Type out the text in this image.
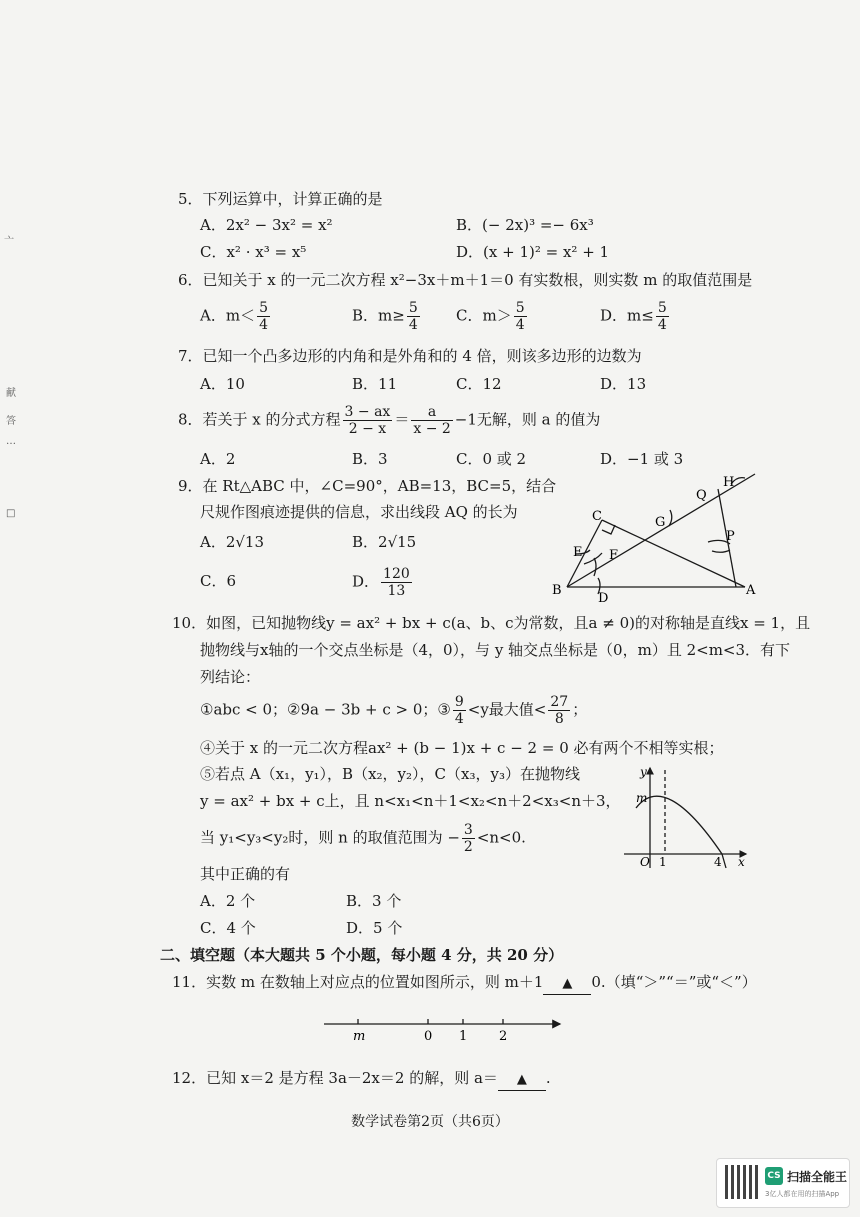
亠
献
答
…
□
5．下列运算中，计算正确的是
A．2x² − 3x² = x²	B．(− 2x)³ =− 6x³
C．x² · x³ = x⁵	D．(x + 1)² = x² + 1
6．已知关于 x 的一元二次方程 x²−3x＋m＋1＝0 有实数根，则实数 m 的取值范围是
A．$m< \frac{5}{4}$	B．$m\ge \frac{5}{4}$ C．$m> \frac{5}{4}$	D．$m\le \frac{5}{4}$
7．已知一个凸多边形的内角和是外角和的 4 倍，则该多边形的边数为
A．10	B．11	C．12	D．13
8．若关于 x 的分式方程 $\frac{3 - ax}{2 - x} = \frac{a}{x - 2} -1$无解，则 a 的值为
A．2	B．3	C．0 或 2	D．−1 或 3
9．在 Rt△ABC 中，∠C=90°，AB=13，BC=5，结合
尺规作图痕迹提供的信息，求出线段 AQ 的长为
A．2√13	B．2√15
C．6	D． $\frac{120}{13}$
C	G
Q
H
E F
P
B
D
A
10．如图，已知抛物线y = ax² + bx + c(a、b、c为常数，且a ≠ 0)的对称轴是直线x = 1，且
抛物线与x轴的一个交点坐标是（4，0），与 y 轴交点坐标是（0，m）且 2<m<3．有下
列结论：
①abc < 0；②9a − 3b + c > 0；③ $\frac{9}{4} <y$最大值< $\frac{27}{8}$ ；
④关于 x 的一元二次方程ax² + (b − 1)x + c − 2 = 0 必有两个不相等实根；
⑤若点 A（x₁，y₁），B（x₂，y₂），C（x₃，y₃）在抛物线
y = ax² + bx + c上，且 n<x₁<n＋1<x₂<n＋2<x₃<n＋3，
当 y₁<y₃<y₂时，则 n 的取值范围为 − $\frac{3}{2} <n<0$.
其中正确的有
A．2 个	B．3 个
C．4 个	D．5 个
y
m
O 1	4 x
二、填空题（本大题共 5 个小题，每小题 4 分，共 20 分）
11．实数 m 在数轴上对应点的位置如图所示，则 m＋1 ▲ 0.（填“＞”“＝”或“＜”）
m	0 1 2
12．已知 x＝2 是方程 3a－2x＝2 的解，则 a＝ ▲ .
数学试卷第2页（共6页）
CS 扫描全能王
3亿人都在用的扫描App
